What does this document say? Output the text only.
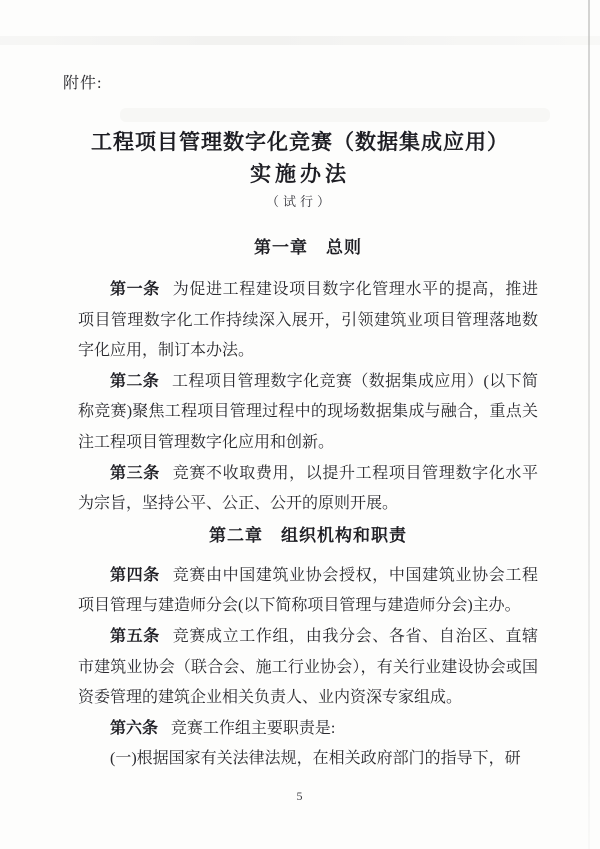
附件:
工程项目管理数字化竞赛（数据集成应用）
实施办法
（试行）
第一章　总则

第一条 为促进工程建设项目数字化管理水平的提高，推进项目管理数字化工作持续深入展开，引领建筑业项目管理落地数字化应用，制订本办法。

第二条 工程项目管理数字化竞赛（数据集成应用）(以下简称竞赛)聚焦工程项目管理过程中的现场数据集成与融合，重点关注工程项目管理数字化应用和创新。

第三条 竞赛不收取费用，以提升工程项目管理数字化水平为宗旨，坚持公平、公正、公开的原则开展。

第二章　组织机构和职责

第四条 竞赛由中国建筑业协会授权，中国建筑业协会工程项目管理与建造师分会(以下简称项目管理与建造师分会)主办。

第五条 竞赛成立工作组，由我分会、各省、自治区、直辖市建筑业协会（联合会、施工行业协会），有关行业建设协会或国资委管理的建筑企业相关负责人、业内资深专家组成。

第六条 竞赛工作组主要职责是:

(一)根据国家有关法律法规，在相关政府部门的指导下，研

5
